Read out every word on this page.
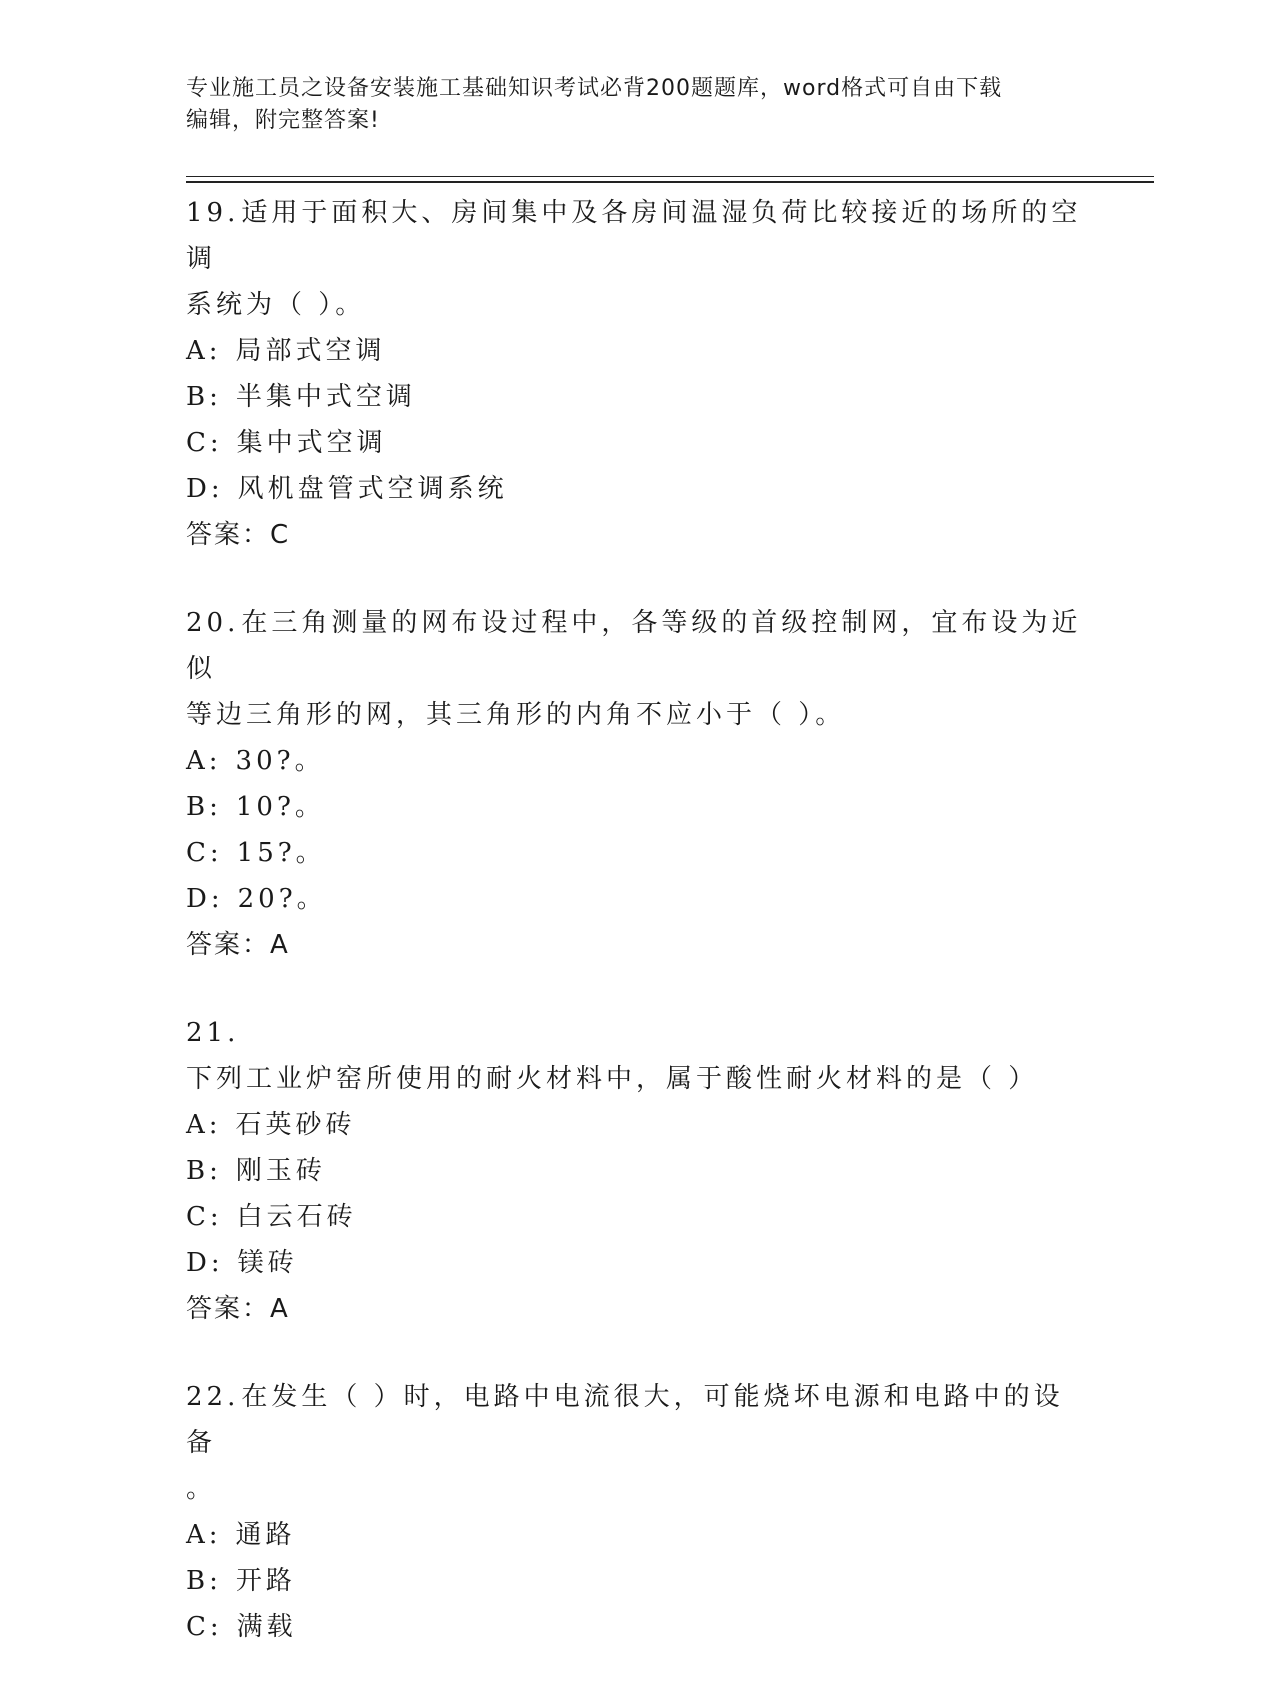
专业施工员之设备安装施工基础知识考试必背200题题库，word格式可自由下载
编辑，附完整答案!
19.适用于面积大、房间集中及各房间温湿负荷比较接近的场所的空调
系统为（ ）。
A: 局部式空调
B: 半集中式空调
C: 集中式空调
D: 风机盘管式空调系统
答案：C
20.在三角测量的网布设过程中，各等级的首级控制网，宜布设为近似
等边三角形的网，其三角形的内角不应小于（ ）。
A: 30?。
B: 10?。
C: 15?。
D: 20?。
答案：A
21.下列工业炉窑所使用的耐火材料中，属于酸性耐火材料的是（ ）
A: 石英砂砖
B: 刚玉砖
C: 白云石砖
D: 镁砖
答案：A
22.在发生（ ）时，电路中电流很大，可能烧坏电源和电路中的设备
。
A: 通路
B: 开路
C: 满载
